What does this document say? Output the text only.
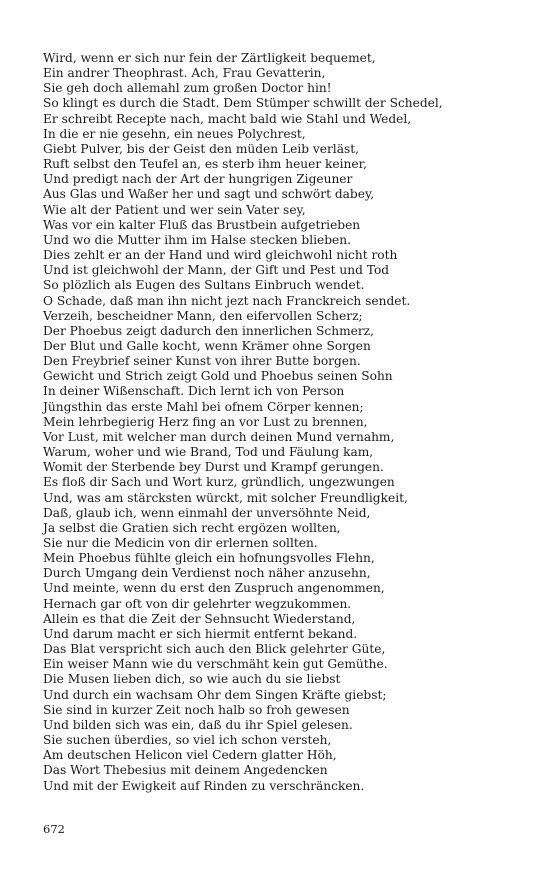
Wird, wenn er sich nur fein der Zärtligkeit bequemet,
Ein andrer Theophrast. Ach, Frau Gevatterin,
Sie geh doch allemahl zum großen Doctor hin!
So klingt es durch die Stadt. Dem Stümper schwillt der Schedel,
Er schreibt Recepte nach, macht bald wie Stahl und Wedel,
In die er nie gesehn, ein neues Polychrest,
Giebt Pulver, bis der Geist den müden Leib verläst,
Ruft selbst den Teufel an, es sterb ihm heuer keiner,
Und predigt nach der Art der hungrigen Zigeuner
Aus Glas und Waßer her und sagt und schwört dabey,
Wie alt der Patient und wer sein Vater sey,
Was vor ein kalter Fluß das Brustbein aufgetrieben
Und wo die Mutter ihm im Halse stecken blieben.
Dies zehlt er an der Hand und wird gleichwohl nicht roth
Und ist gleichwohl der Mann, der Gift und Pest und Tod
So plözlich als Eugen des Sultans Einbruch wendet.
O Schade, daß man ihn nicht jezt nach Franckreich sendet.
Verzeih, bescheidner Mann, den eifervollen Scherz;
Der Phoebus zeigt dadurch den innerlichen Schmerz,
Der Blut und Galle kocht, wenn Krämer ohne Sorgen
Den Freybrief seiner Kunst von ihrer Butte borgen.
Gewicht und Strich zeigt Gold und Phoebus seinen Sohn
In deiner Wißenschaft. Dich lernt ich von Person
Jüngsthin das erste Mahl bei ofnem Cörper kennen;
Mein lehrbegierig Herz fing an vor Lust zu brennen,
Vor Lust, mit welcher man durch deinen Mund vernahm,
Warum, woher und wie Brand, Tod und Fäulung kam,
Womit der Sterbende bey Durst und Krampf gerungen.
Es floß dir Sach und Wort kurz, gründlich, ungezwungen
Und, was am stärcksten würckt, mit solcher Freundligkeit,
Daß, glaub ich, wenn einmahl der unversöhnte Neid,
Ja selbst die Gratien sich recht ergözen wollten,
Sie nur die Medicin von dir erlernen sollten.
Mein Phoebus fühlte gleich ein hofnungsvolles Flehn,
Durch Umgang dein Verdienst noch näher anzusehn,
Und meinte, wenn du erst den Zuspruch angenommen,
Hernach gar oft von dir gelehrter wegzukommen.
Allein es that die Zeit der Sehnsucht Wiederstand,
Und darum macht er sich hiermit entfernt bekand.
Das Blat verspricht sich auch den Blick gelehrter Güte,
Ein weiser Mann wie du verschmäht kein gut Gemüthe.
Die Musen lieben dich, so wie auch du sie liebst
Und durch ein wachsam Ohr dem Singen Kräfte giebst;
Sie sind in kurzer Zeit noch halb so froh gewesen
Und bilden sich was ein, daß du ihr Spiel gelesen.
Sie suchen überdies, so viel ich schon versteh,
Am deutschen Helicon viel Cedern glatter Höh,
Das Wort Thebesius mit deinem Angedencken
Und mit der Ewigkeit auf Rinden zu verschräncken.
672
